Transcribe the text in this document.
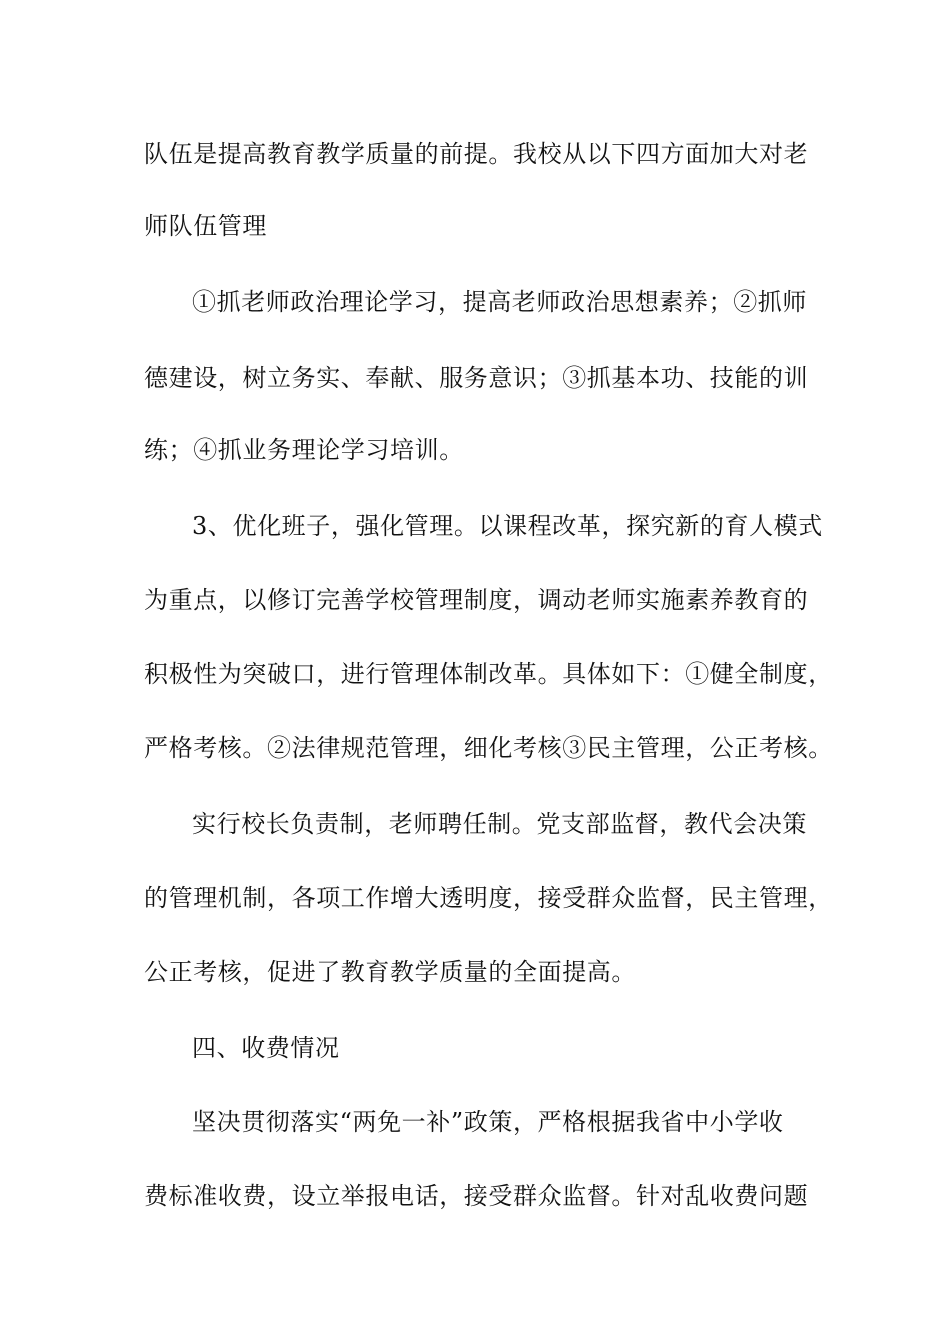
队伍是提高教育教学质量的前提。我校从以下四方面加大对老
师队伍管理
①抓老师政治理论学习，提高老师政治思想素养；②抓师
德建设，树立务实、奉献、服务意识；③抓基本功、技能的训
练；④抓业务理论学习培训。
3、优化班子，强化管理。以课程改革，探究新的育人模式
为重点，以修订完善学校管理制度，调动老师实施素养教育的
积极性为突破口，进行管理体制改革。具体如下：①健全制度，
严格考核。②法律规范管理，细化考核③民主管理，公正考核。
实行校长负责制，老师聘任制。党支部监督，教代会决策
的管理机制，各项工作增大透明度，接受群众监督，民主管理，
公正考核，促进了教育教学质量的全面提高。
四、收费情况
坚决贯彻落实“两免一补”政策，严格根据我省中小学收
费标准收费，设立举报电话，接受群众监督。针对乱收费问题
